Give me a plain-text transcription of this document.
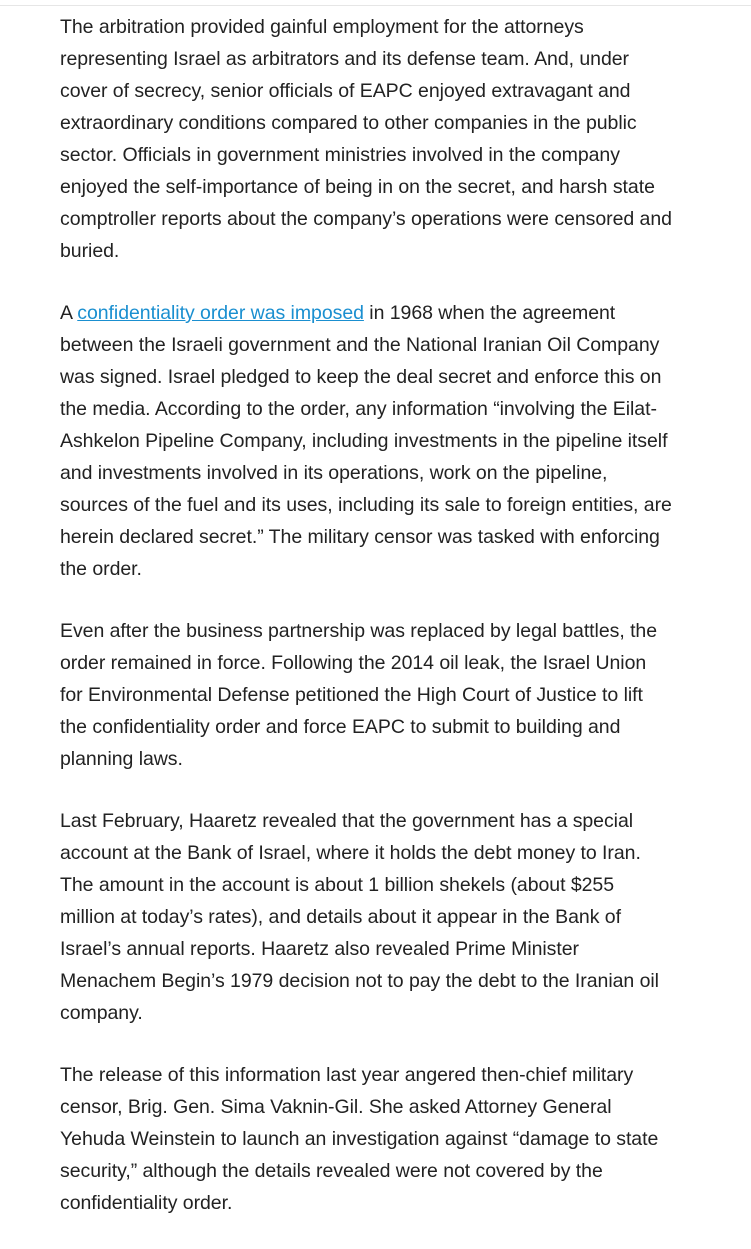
The arbitration provided gainful employment for the attorneys representing Israel as arbitrators and its defense team. And, under cover of secrecy, senior officials of EAPC enjoyed extravagant and extraordinary conditions compared to other companies in the public sector. Officials in government ministries involved in the company enjoyed the self-importance of being in on the secret, and harsh state comptroller reports about the company’s operations were censored and buried.

A confidentiality order was imposed in 1968 when the agreement between the Israeli government and the National Iranian Oil Company was signed. Israel pledged to keep the deal secret and enforce this on the media. According to the order, any information “involving the Eilat-Ashkelon Pipeline Company, including investments in the pipeline itself and investments involved in its operations, work on the pipeline, sources of the fuel and its uses, including its sale to foreign entities, are herein declared secret.” The military censor was tasked with enforcing the order.

Even after the business partnership was replaced by legal battles, the order remained in force. Following the 2014 oil leak, the Israel Union for Environmental Defense petitioned the High Court of Justice to lift the confidentiality order and force EAPC to submit to building and planning laws.

Last February, Haaretz revealed that the government has a special account at the Bank of Israel, where it holds the debt money to Iran. The amount in the account is about 1 billion shekels (about $255 million at today’s rates), and details about it appear in the Bank of Israel’s annual reports. Haaretz also revealed Prime Minister Menachem Begin’s 1979 decision not to pay the debt to the Iranian oil company.

The release of this information last year angered then-chief military censor, Brig. Gen. Sima Vaknin-Gil. She asked Attorney General Yehuda Weinstein to launch an investigation against “damage to state security,” although the details revealed were not covered by the confidentiality order.
